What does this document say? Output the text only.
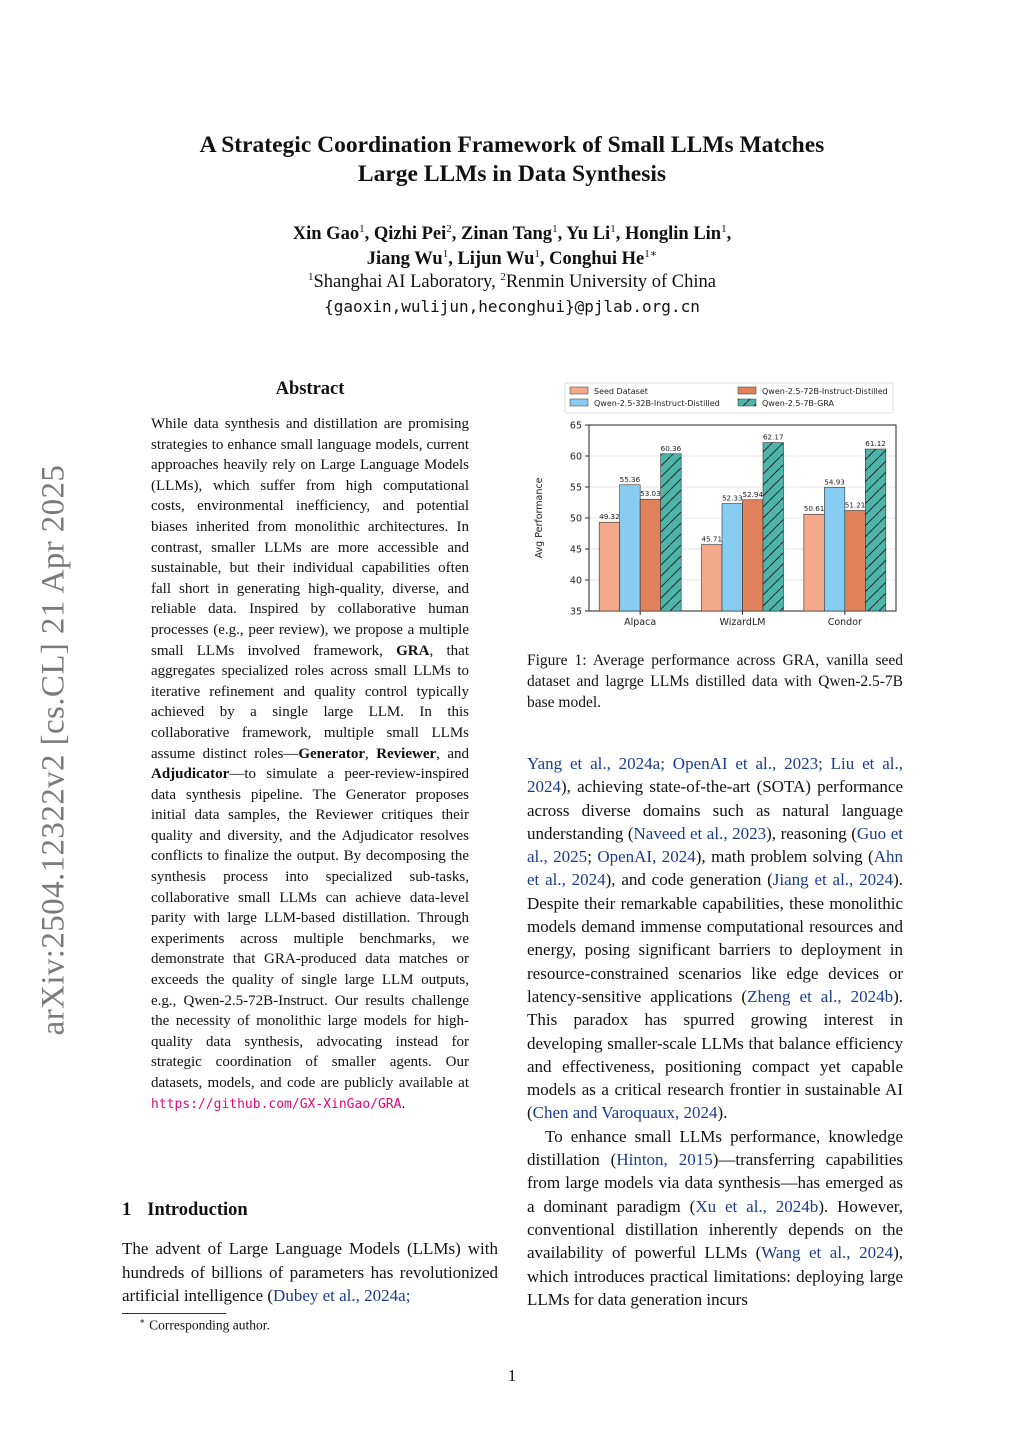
arXiv:2504.12322v2 [cs.CL] 21 Apr 2025
A Strategic Coordination Framework of Small LLMs Matches
Large LLMs in Data Synthesis
Xin Gao$^1$, Qizhi Pei$^2$, Zinan Tang$^1$, Yu Li$^1$, Honglin Lin$^1$,
Jiang Wu$^1$, Lijun Wu$^1$, Conghui $He^{1∗}$
$^1$Shanghai AI Laboratory, $^2$Renmin University of China
{gaoxin,wulijun,heconghui}@pjlab.org.cn
Abstract
While data synthesis and distillation are promising strategies to enhance small language models, current approaches heavily rely on Large Language Models (LLMs), which suffer from high computational costs, environmental inefficiency, and potential biases inherited from monolithic architectures. In contrast, smaller LLMs are more accessible and sustainable, but their individual capabilities often fall short in generating high-quality, diverse, and reliable data. Inspired by collaborative human processes (e.g., peer review), we propose a multiple small LLMs involved framework, GRA, that aggregates specialized roles across small LLMs to iterative refinement and quality control typically achieved by a single large LLM. In this collaborative framework, multiple small LLMs assume distinct roles—Generator, Reviewer, and Adjudicator—to simulate a peer-review-inspired data synthesis pipeline. The Generator proposes initial data samples, the Reviewer critiques their quality and diversity, and the Adjudicator resolves conflicts to finalize the output. By decomposing the synthesis process into specialized sub-tasks, collaborative small LLMs can achieve data-level parity with large LLM-based distillation. Through experiments across multiple benchmarks, we demonstrate that GRA-produced data matches or exceeds the quality of single large LLM outputs, e.g., Qwen-2.5-72B-Instruct. Our results challenge the necessity of monolithic large models for high-quality data synthesis, advocating instead for strategic coordination of smaller agents. Our datasets, models, and code are publicly available at https://github.com/GX-XinGao/GRA.
1 Introduction
The advent of Large Language Models (LLMs) with hundreds of billions of parameters has revolutionized artificial intelligence (Dubey et al., 2024a;
∗ Corresponding author.
Seed Dataset
Qwen-2.5-32B-Instruct-Distilled
Qwen-2.5-72B-Instruct-Distilled
Qwen-2.5-7B-GRA
35
40
45
50
55
60
65
Avg Performance	49.32
55.36
53.03
60.36
Alpaca
45.71
52.33 52.94
62.17
WizardLM
50.61
54.93
51.21
61.12
Condor
Figure 1: Average performance across GRA, vanilla seed dataset and lagrge LLMs distilled data with Qwen-2.5-7B base model.

Yang et al., 2024a; OpenAI et al., 2023; Liu et al., 2024), achieving state-of-the-art (SOTA) performance across diverse domains such as natural language understanding (Naveed et al., 2023), reasoning (Guo et al., 2025; OpenAI, 2024), math problem solving (Ahn et al., 2024), and code generation (Jiang et al., 2024). Despite their remarkable capabilities, these monolithic models demand immense computational resources and energy, posing significant barriers to deployment in resource-constrained scenarios like edge devices or latency-sensitive applications (Zheng et al., 2024b). This paradox has spurred growing interest in developing smaller-scale LLMs that balance efficiency and effectiveness, positioning compact yet capable models as a critical research frontier in sustainable AI (Chen and Varoquaux, 2024).

To enhance small LLMs performance, knowledge distillation (Hinton, 2015)—transferring capabilities from large models via data synthesis—has emerged as a dominant paradigm (Xu et al., 2024b). However, conventional distillation inherently depends on the availability of powerful LLMs (Wang et al., 2024), which introduces practical limitations: deploying large LLMs for data generation incurs

1
